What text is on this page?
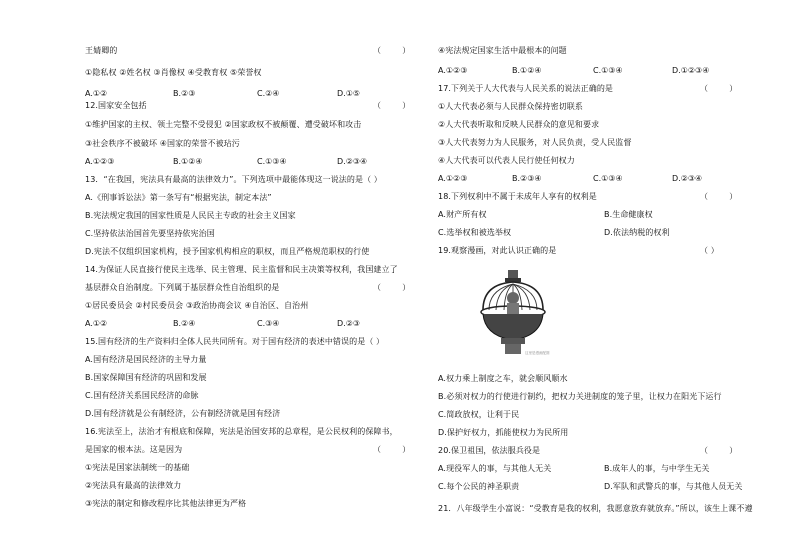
王婧卿的	（        ）
①隐私权 ②姓名权 ③肖像权 ④受教育权 ⑤荣誉权
A.①②	B.②③	C.②④	D.①⑤
12.国家安全包括	（        ）
①维护国家的主权、领土完整不受侵犯 ②国家政权不被颠覆、遭受破坏和攻击
③社会秩序不被破坏 ④国家的荣誉不被玷污
A.①②③	B.①②④	C.①③④	D.②③④
13．“在我国，宪法具有最高的法律效力”。下列选项中最能体现这一说法的是（ ）
A.《刑事诉讼法》第一条写有“根据宪法，制定本法”
B.宪法规定我国的国家性质是人民民主专政的社会主义国家
C.坚持依法治国首先要坚持依宪治国
D.宪法不仅组织国家机构，授予国家机构相应的职权，而且严格规范职权的行使
14.为保证人民直接行使民主选举、民主管理、民主监督和民主决策等权利，我国建立了
基层群众自治制度。下列属于基层群众性自治组织的是	（        ）
①居民委员会 ②村民委员会 ③政治协商会议 ④自治区、自治州
A.①②	B.②④	C.③④	D.②③
15.国有经济的生产资料归全体人民共同所有。对于国有经济的表述中错误的是（ ）
A.国有经济是国民经济的主导力量
B.国家保障国有经济的巩固和发展
C.国有经济关系国民经济的命脉
D.国有经济就是公有制经济，公有制经济就是国有经济
16.宪法至上，法治才有根底和保障，宪法是治国安邦的总章程，是公民权利的保障书，
是国家的根本法。这是因为	（        ）
①宪法是国家法制统一的基础
②宪法具有最高的法律效力
③宪法的制定和修改程序比其他法律更为严格
④宪法规定国家生活中最根本的问题
A.①②③	B.①②④	C.①③④	D.①②③④
17.下列关于人大代表与人民关系的说法正确的是	（        ）
①人大代表必须与人民群众保持密切联系
②人大代表听取和反映人民群众的意见和要求
③人大代表努力为人民服务，对人民负责，受人民监督
④人大代表可以代表人民行使任何权力
A.①②③	B.②③④	C.①③④	D.②③④
18.下列权利中不属于未成年人享有的权利是	（        ）
A.财产所有权	B.生命健康权
C.选举权和被选举权	D.依法纳税的权利
19.观察漫画，对此认识正确的是
A.权力乘上制度之车，就会顺风顺水
B.必须对权力的行使进行制约，把权力关进制度的笼子里，让权力在阳光下运行
C.简政放权，让利于民
D.保护好权力，抓能使权力为民所用
20.保卫祖国，依法服兵役是	（        ）
A.现役军人的事，与其他人无关	B.成年人的事，与中学生无关
C.每个公民的神圣职责	D.军队和武警兵的事，与其他人员无关
21．八年级学生小富说：“受教育是我的权利，我愿意放弃就放弃。”所以，该生上课不遵
这里是漫画配图
（ ）
